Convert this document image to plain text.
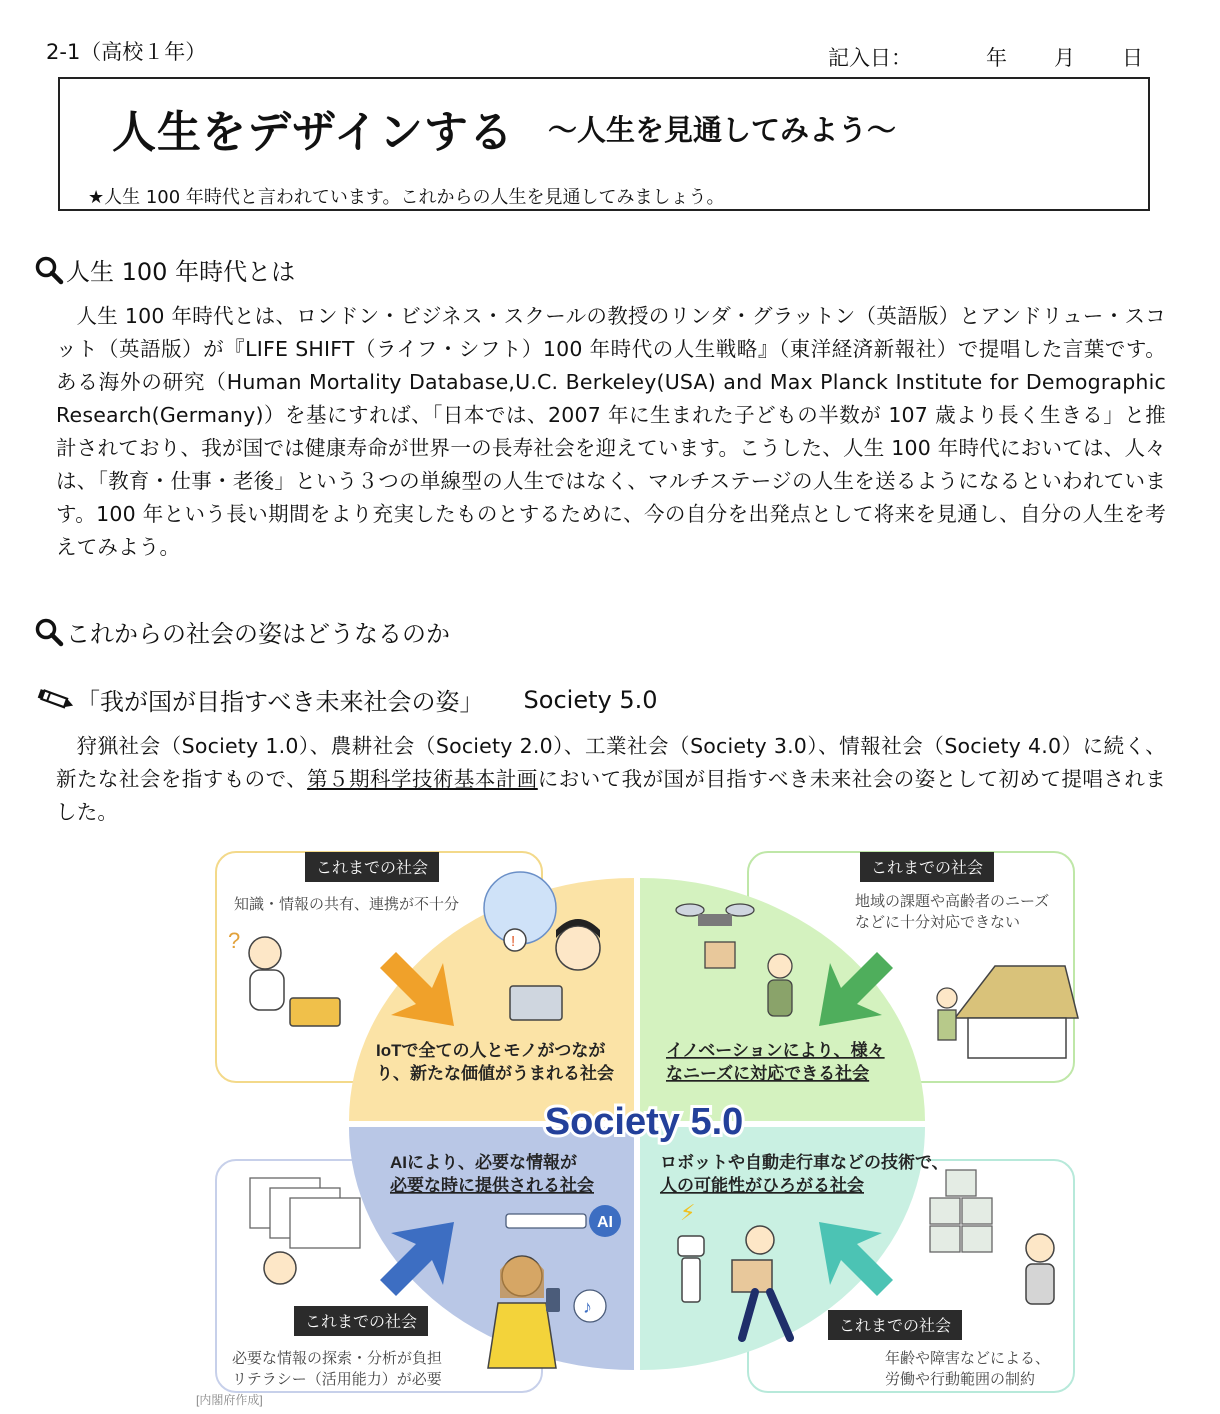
2-1（高校１年）	記入日：	年 月 日
人生をデザインする ～人生を見通してみよう～
★人生 100 年時代と言われています。これからの人生を見通してみましょう。
人生 100 年時代とは
人生 100 年時代とは、ロンドン・ビジネス・スクールの教授のリンダ・グラットン（英語版）とアンドリュー・スコット（英語版）が『LIFE SHIFT（ライフ・シフト）100 年時代の人生戦略』（東洋経済新報社）で提唱した言葉です。ある海外の研究（Human Mortality Database,U.C. Berkeley(USA) and Max Planck Institute for Demographic Research(Germany)）を基にすれば、「日本では、2007 年に生まれた子どもの半数が 107 歳より長く生きる」と推計されており、我が国では健康寿命が世界一の長寿社会を迎えています。こうした、人生 100 年時代においては、人々は、「教育・仕事・老後」という３つの単線型の人生ではなく、マルチステージの人生を送るようになるといわれています。100 年という長い期間をより充実したものとするために、今の自分を出発点として将来を見通し、自分の人生を考えてみよう。
これからの社会の姿はどうなるのか
「我が国が目指すべき未来社会の姿」 Society 5.0
狩猟社会（Society 1.0）、農耕社会（Society 2.0）、工業社会（Society 3.0）、情報社会（Society 4.0）に続く、新たな社会を指すもので、第５期科学技術基本計画において我が国が目指すべき未来社会の姿として初めて提唱されました。
これまでの社会	これまでの社会
これまでの社会	これまでの社会
知識・情報の共有、連携が不十分	地域の課題や高齢者のニーズ
などに十分対応できない
必要な情報の探索・分析が負担
リテラシー（活用能力）が必要
年齢や障害などによる、
労働や行動範囲の制約
?	!
AI
♪
⚡
IoTで全ての人とモノがつなが
り、新たな価値がうまれる社会
イノベーションにより、様々
なニーズに対応できる社会
AIにより、必要な情報が
必要な時に提供される社会
ロボットや自動走行車などの技術で、
人の可能性がひろがる社会
Society 5.0
[内閣府作成]
